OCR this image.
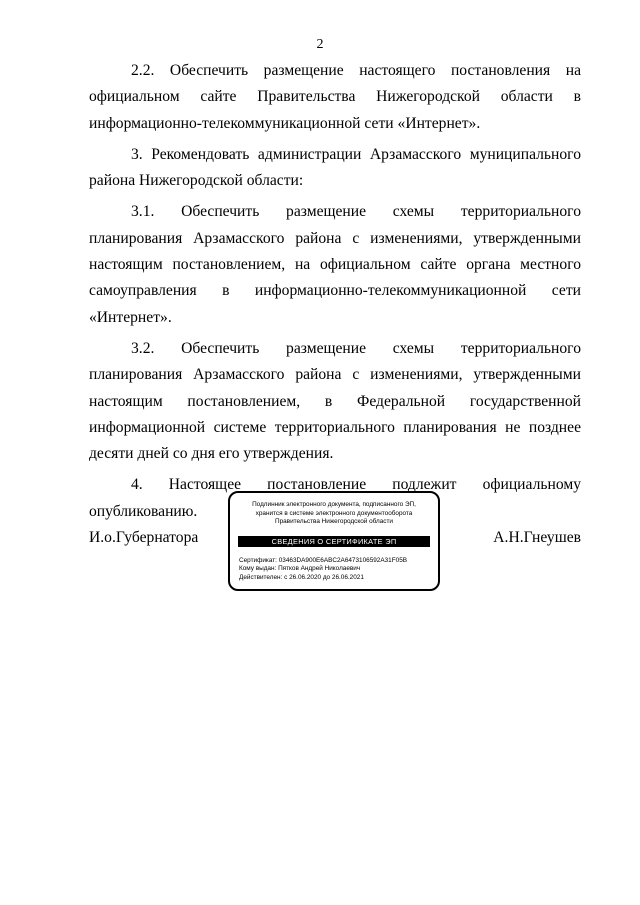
2

2.2. Обеспечить размещение настоящего постановления на официальном сайте Правительства Нижегородской области в информационно-телекоммуникационной сети «Интернет».

3. Рекомендовать администрации Арзамасского муниципального района Нижегородской области:

3.1. Обеспечить размещение схемы территориального планирования Арзамасского района с изменениями, утвержденными настоящим постановлением, на официальном сайте органа местного самоуправления в информационно-телекоммуникационной сети «Интернет».

3.2. Обеспечить размещение схемы территориального планирования Арзамасского района с изменениями, утвержденными настоящим постановлением, в Федеральной государственной информационной системе территориального планирования не позднее десяти дней со дня его утверждения.

4. Настоящее постановление подлежит официальному опубликованию.

И.о.Губернатора	А.Н.Гнеушев
Подлинник электронного документа, подписанного ЭП,
хранится в системе электронного документооборота
Правительства Нижегородской области
СВЕДЕНИЯ О СЕРТИФИКАТЕ ЭП
Сертификат: 03463DA900E6ABC2A6473106592A31F05B
Кому выдан: Пятков Андрей Николаевич
Действителен: с 26.06.2020 до 26.06.2021
